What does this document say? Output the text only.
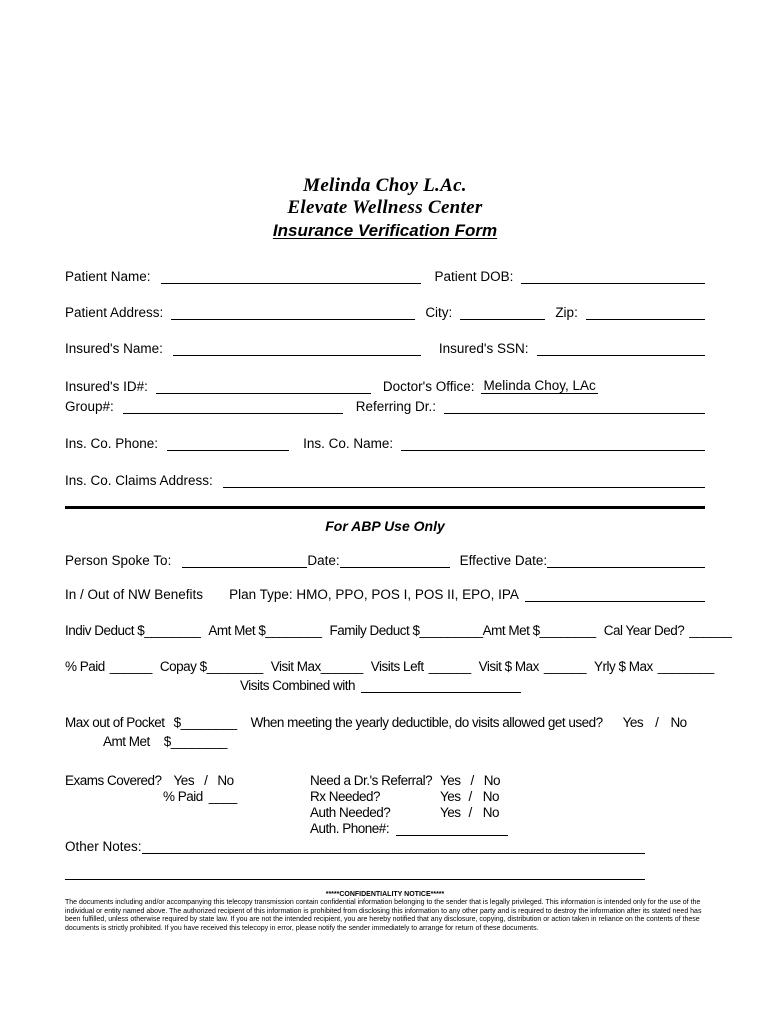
Melinda Choy L.Ac.
Elevate Wellness Center
Insurance Verification Form
Patient Name:	Patient DOB:
Patient Address:	City:	Zip:
Insured's Name:	Insured's SSN:
Insured's ID#:	Doctor's Office: Melinda Choy, LAc
Group#:	Referring Dr.:
Ins. Co. Phone:	Ins. Co. Name:
Ins. Co. Claims Address:
For ABP Use Only
Person Spoke To:	Date:	Effective Date:
In / Out of NW Benefits Plan Type: HMO, PPO, POS I, POS II, EPO, IPA
Indiv Deduct $ ________ Amt Met $ ________ Family Deduct $ _________ Amt Met $ ________ Cal Year Ded? ______
% Paid ______ Copay $ ________ Visit Max ______ Visits Left ______ Visit $ Max ______ Yrly $ Max ________
Visits Combined with
Max out of Pocket $ ________ When meeting the yearly deductible, do visits allowed get used? Yes / No
Amt Met $ ________
Exams Covered? Yes / No
% Paid ____
Need a Dr.'s Referral? Yes / No
Rx Needed?	Yes / No
Auth Needed?	Yes / No
Auth. Phone#:
Other Notes:
*****CONFIDENTIALITY NOTICE*****
The documents including and/or accompanying this telecopy transmission contain confidential information belonging to the sender that is legally privileged. This information is intended only for the use of the individual or entity named above. The authorized recipient of this information is prohibited from disclosing this information to any other party and is required to destroy the information after its stated need has been fulfilled, unless otherwise required by state law. If you are not the intended recipient, you are hereby notified that any disclosure, copying, distribution or action taken in reliance on the contents of these documents is strictly prohibited. If you have received this telecopy in error, please notify the sender immediately to arrange for return of these documents.
